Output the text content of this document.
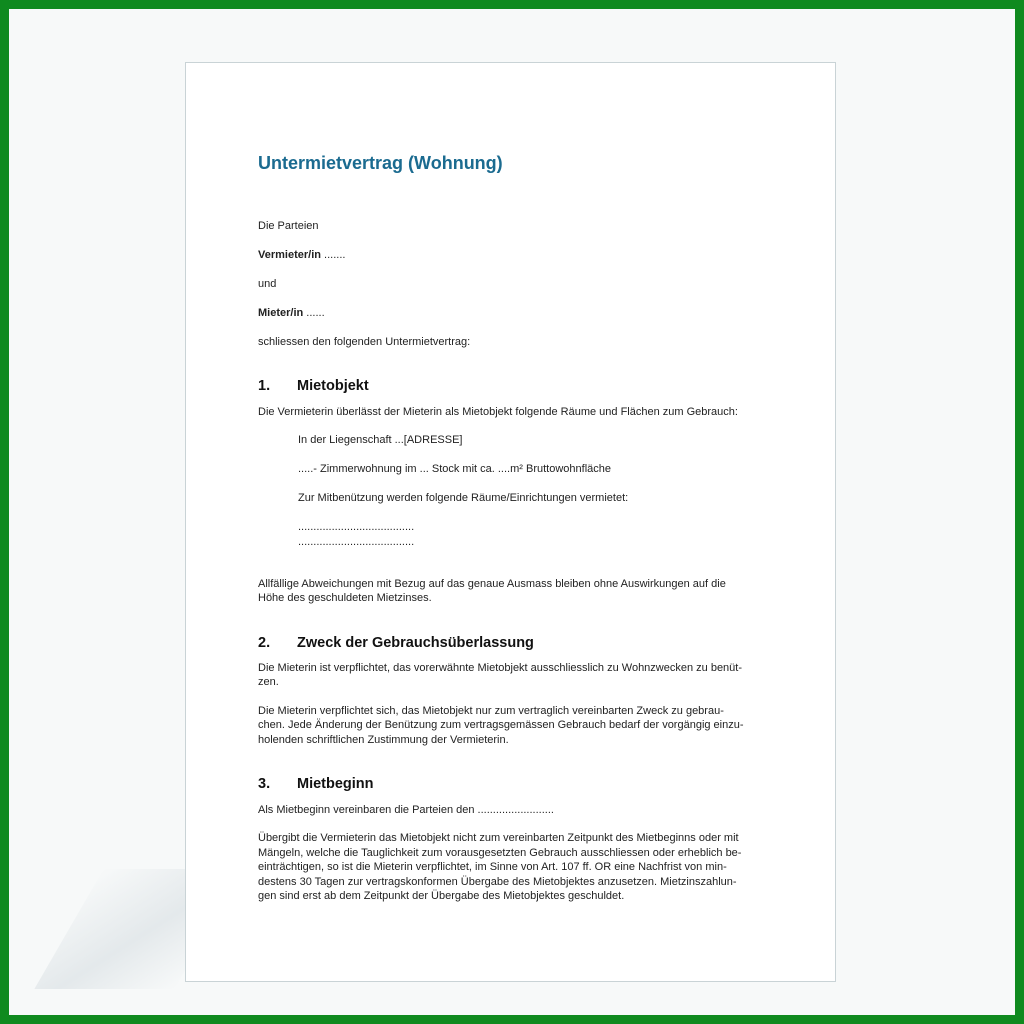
Untermietvertrag (Wohnung)
Die Parteien
Vermieter/in .......
und
Mieter/in ......
schliessen den folgenden Untermietvertrag:
1. Mietobjekt
Die Vermieterin überlässt der Mieterin als Mietobjekt folgende Räume und Flächen zum Gebrauch:
In der Liegenschaft ...[ADRESSE]
.....- Zimmerwohnung im ... Stock mit ca. ....m² Bruttowohnfläche
Zur Mitbenützung werden folgende Räume/Einrichtungen vermietet:
......................................
......................................
Allfällige Abweichungen mit Bezug auf das genaue Ausmass bleiben ohne Auswirkungen auf die
Höhe des geschuldeten Mietzinses.
2. Zweck der Gebrauchsüberlassung
Die Mieterin ist verpflichtet, das vorerwähnte Mietobjekt ausschliesslich zu Wohnzwecken zu benüt-
zen.
Die Mieterin verpflichtet sich, das Mietobjekt nur zum vertraglich vereinbarten Zweck zu gebrau-
chen. Jede Änderung der Benützung zum vertragsgemässen Gebrauch bedarf der vorgängig einzu-
holenden schriftlichen Zustimmung der Vermieterin.
3. Mietbeginn
Als Mietbeginn vereinbaren die Parteien den .........................
Übergibt die Vermieterin das Mietobjekt nicht zum vereinbarten Zeitpunkt des Mietbeginns oder mit
Mängeln, welche die Tauglichkeit zum vorausgesetzten Gebrauch ausschliessen oder erheblich be-
einträchtigen, so ist die Mieterin verpflichtet, im Sinne von Art. 107 ff. OR eine Nachfrist von min-
destens 30 Tagen zur vertragskonformen Übergabe des Mietobjektes anzusetzen. Mietzinszahlun-
gen sind erst ab dem Zeitpunkt der Übergabe des Mietobjektes geschuldet.
